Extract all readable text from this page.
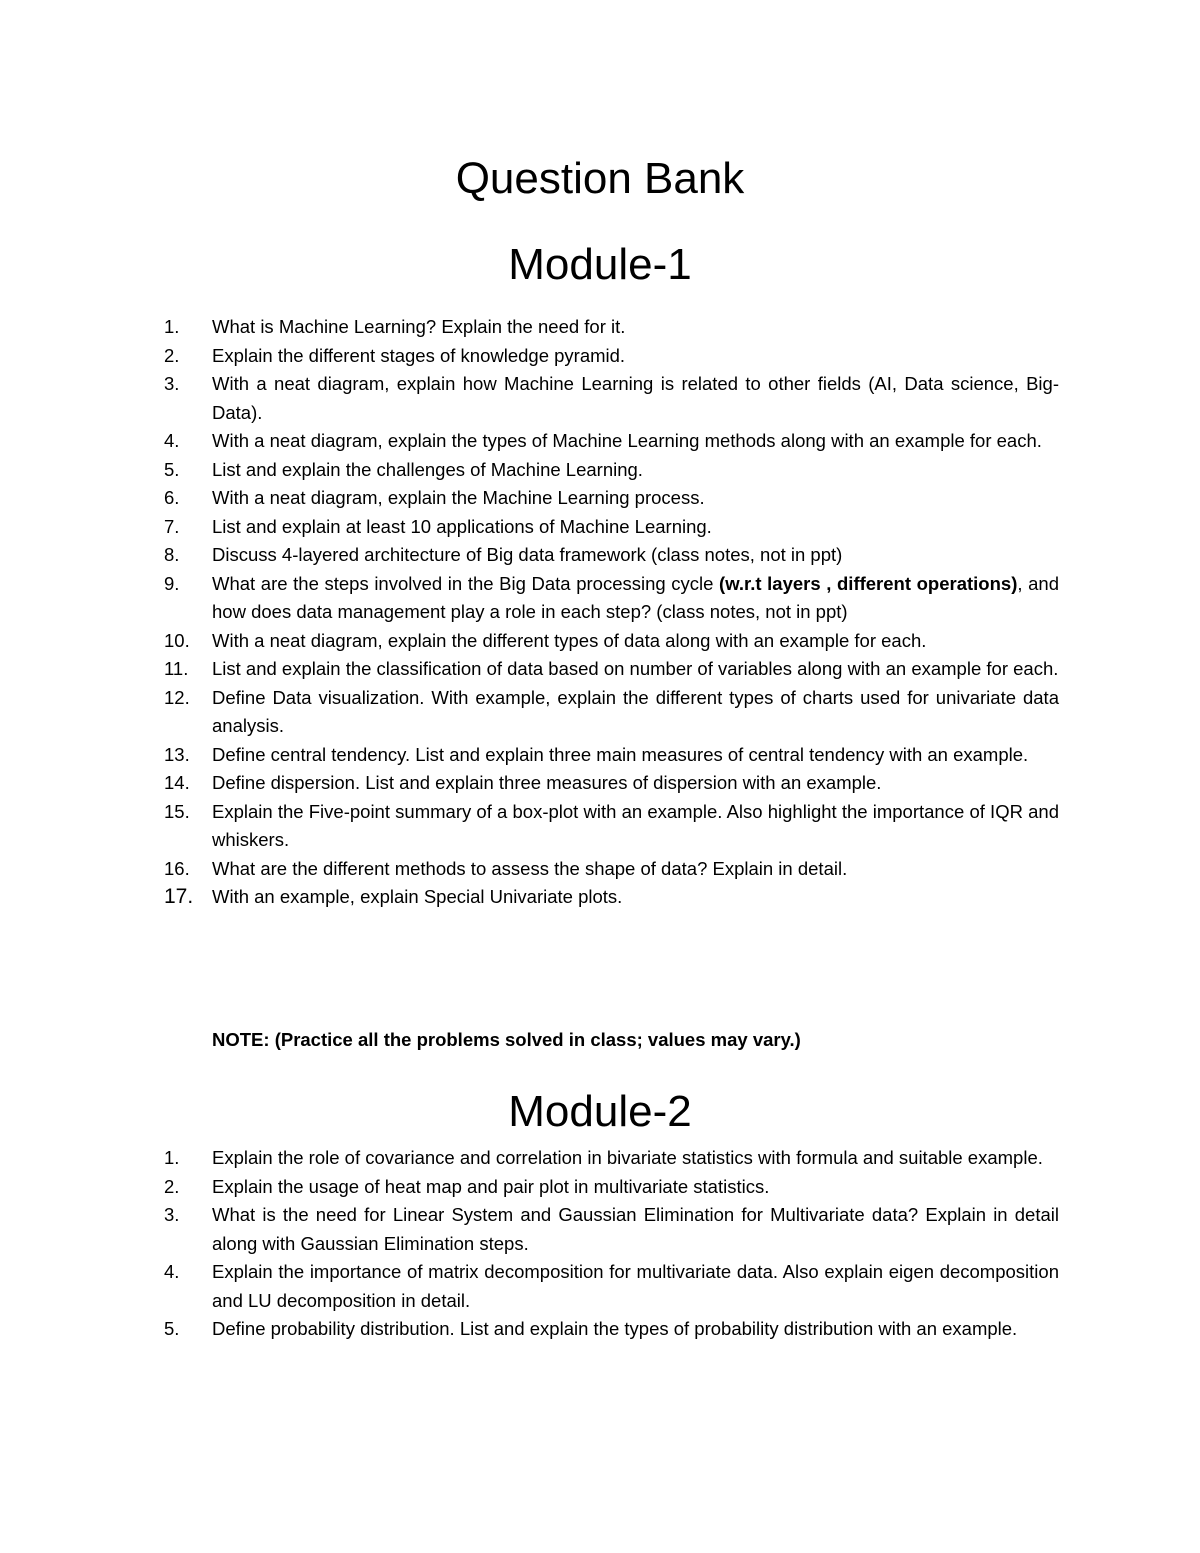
Question Bank
Module-1
1.	What is Machine Learning? Explain the need for it.
2.	Explain the different stages of knowledge pyramid.
3.	With a neat diagram, explain how Machine Learning is related to other fields (AI, Data science, Big-Data).
4.	With a neat diagram, explain the types of Machine Learning methods along with an example for each.
5.	List and explain the challenges of Machine Learning.
6.	With a neat diagram, explain the Machine Learning process.
7.	List and explain at least 10 applications of Machine Learning.
8.	Discuss 4-layered architecture of Big data framework (class notes, not in ppt)
9.	What are the steps involved in the Big Data processing cycle (w.r.t layers , different operations), and how does data management play a role in each step? (class notes, not in ppt)
10.	With a neat diagram, explain the different types of data along with an example for each.
11.	List and explain the classification of data based on number of variables along with an example for each.
12.	Define Data visualization. With example, explain the different types of charts used for univariate data analysis.
13.	Define central tendency. List and explain three main measures of central tendency with an example.
14.	Define dispersion. List and explain three measures of dispersion with an example.
15.	Explain the Five-point summary of a box-plot with an example. Also highlight the importance of IQR and whiskers.
16.	What are the different methods to assess the shape of data? Explain in detail.
17.	With an example, explain Special Univariate plots.

NOTE: (Practice all the problems solved in class; values may vary.)

Module-2
1.	Explain the role of covariance and correlation in bivariate statistics with formula and suitable example.
2.	Explain the usage of heat map and pair plot in multivariate statistics.
3.	What is the need for Linear System and Gaussian Elimination for Multivariate data? Explain in detail along with Gaussian Elimination steps.
4.	Explain the importance of matrix decomposition for multivariate data. Also explain eigen decomposition and LU decomposition in detail.
5.	Define probability distribution. List and explain the types of probability distribution with an example.
